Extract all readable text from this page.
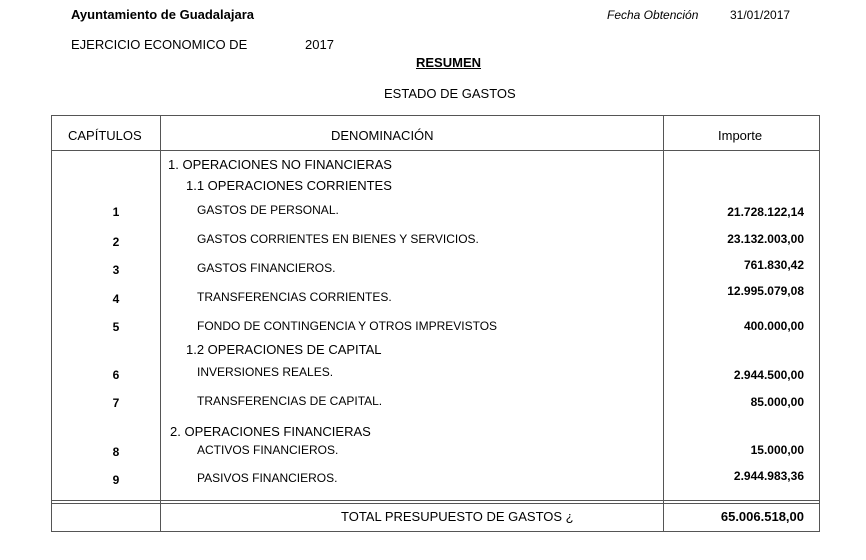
Ayuntamiento de Guadalajara	Fecha Obtención	31/01/2017
EJERCICIO ECONOMICO DE	2017
RESUMEN
ESTADO DE GASTOS
CAPÍTULOS	DENOMINACIÓN	Importe
1. OPERACIONES NO FINANCIERAS
1.1 OPERACIONES CORRIENTES
1.2 OPERACIONES DE CAPITAL
2. OPERACIONES FINANCIERAS
1	GASTOS DE PERSONAL.	21.728.122,14
2	GASTOS CORRIENTES EN BIENES Y SERVICIOS.	23.132.003,00
3	GASTOS FINANCIEROS.	761.830,42
4	TRANSFERENCIAS CORRIENTES.	12.995.079,08
5	FONDO DE CONTINGENCIA Y OTROS IMPREVISTOS	400.000,00
6	INVERSIONES REALES.	2.944.500,00
7	TRANSFERENCIAS DE CAPITAL.	85.000,00
8	ACTIVOS FINANCIEROS.	15.000,00
9	PASIVOS FINANCIEROS.	2.944.983,36
TOTAL PRESUPUESTO DE GASTOS ¿	65.006.518,00
